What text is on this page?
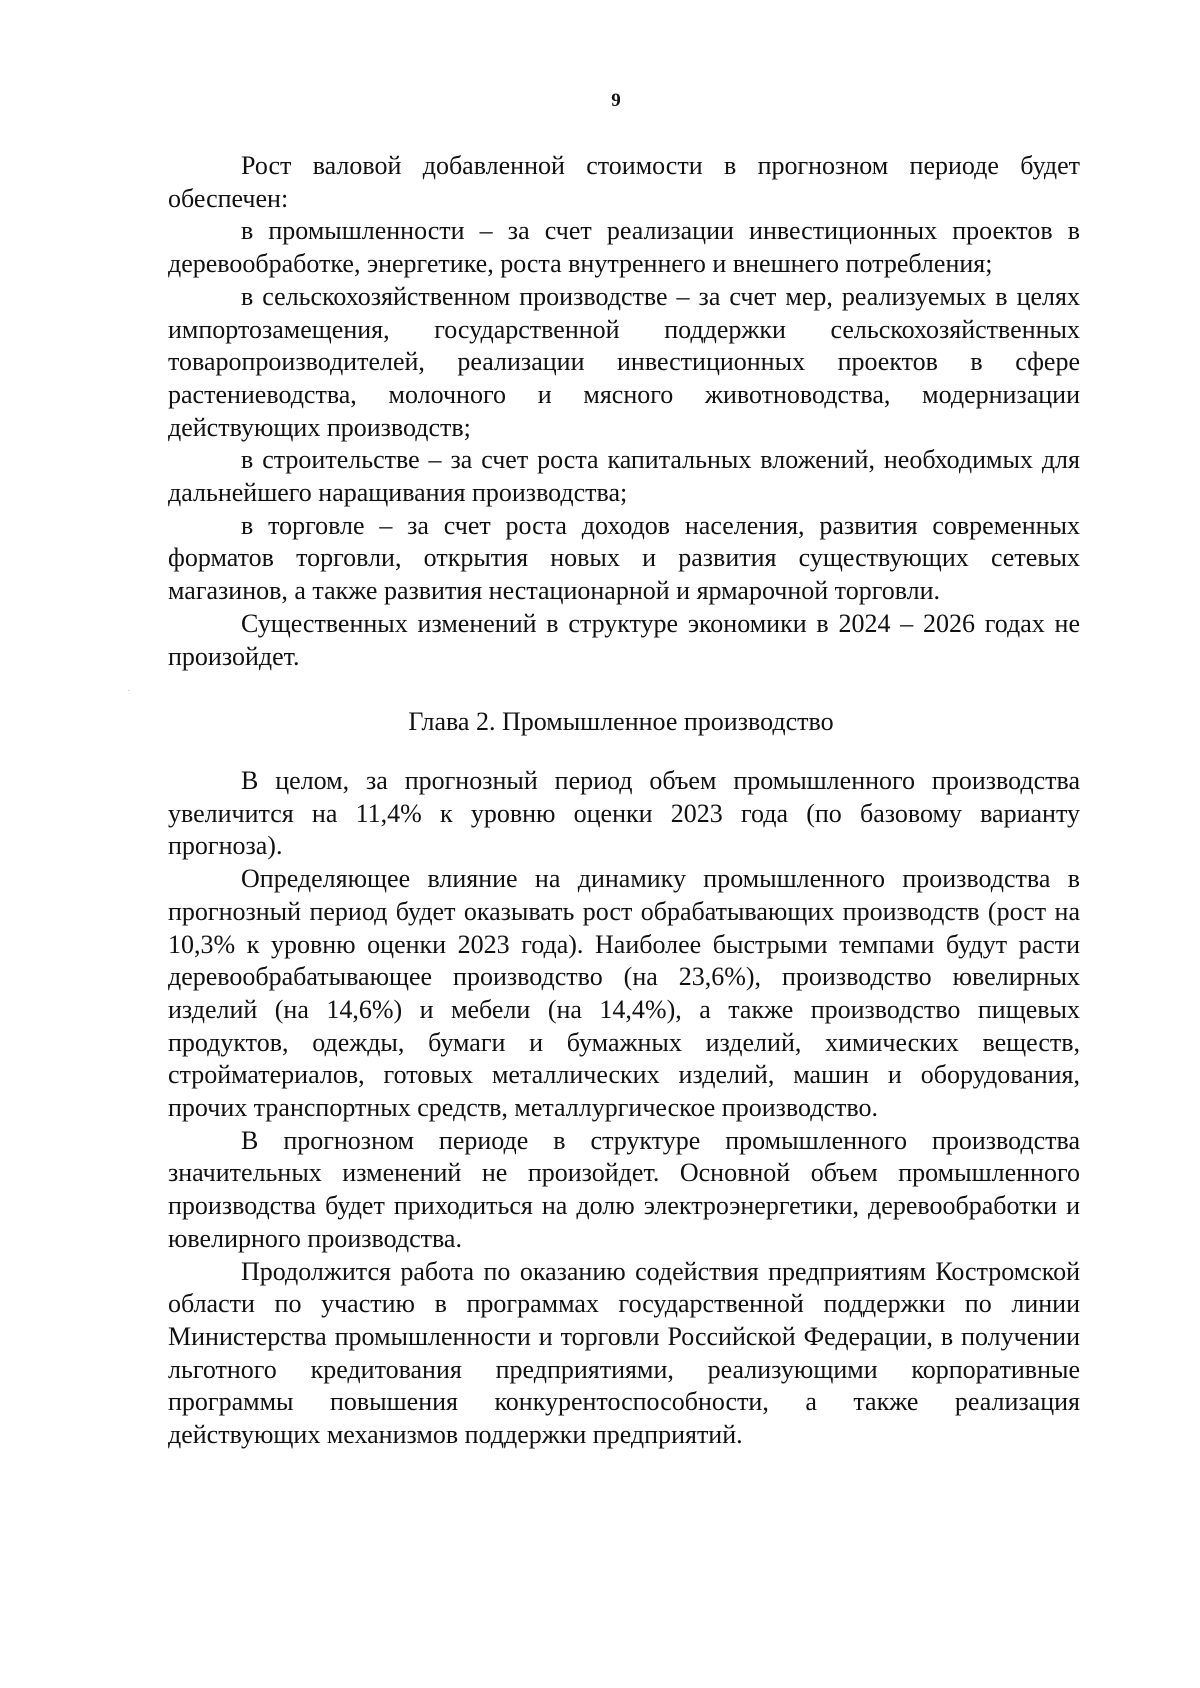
9

Рост валовой добавленной стоимости в прогнозном периоде будет обеспечен:

в промышленности – за счет реализации инвестиционных проектов в деревообработке, энергетике, роста внутреннего и внешнего потребления;

в сельскохозяйственном производстве – за счет мер, реализуемых в целях импортозамещения, государственной поддержки сельскохозяйственных товаропроизводителей, реализации инвестиционных проектов в сфере растениеводства, молочного и мясного животноводства, модернизации действующих производств;

в строительстве – за счет роста капитальных вложений, необходимых для дальнейшего наращивания производства;

в торговле – за счет роста доходов населения, развития современных форматов торговли, открытия новых и развития существующих сетевых магазинов, а также развития нестационарной и ярмарочной торговли.

Существенных изменений в структуре экономики в 2024 – 2026 годах не произойдет.

Глава 2. Промышленное производство

В целом, за прогнозный период объем промышленного производства увеличится на 11,4% к уровню оценки 2023 года (по базовому варианту прогноза).

Определяющее влияние на динамику промышленного производства в прогнозный период будет оказывать рост обрабатывающих производств (рост на 10,3% к уровню оценки 2023 года). Наиболее быстрыми темпами будут расти деревообрабатывающее производство (на 23,6%), производство ювелирных изделий (на 14,6%) и мебели (на 14,4%), а также производство пищевых продуктов, одежды, бумаги и бумажных изделий, химических веществ, стройматериалов, готовых металлических изделий, машин и оборудования, прочих транспортных средств, металлургическое производство.

В прогнозном периоде в структуре промышленного производства значительных изменений не произойдет. Основной объем промышленного производства будет приходиться на долю электроэнергетики, деревообработки и ювелирного производства.

Продолжится работа по оказанию содействия предприятиям Костромской области по участию в программах государственной поддержки по линии Министерства промышленности и торговли Российской Федерации, в получении льготного кредитования предприятиями, реализующими корпоративные программы повышения конкурентоспособности, а также реализация действующих механизмов поддержки предприятий.
